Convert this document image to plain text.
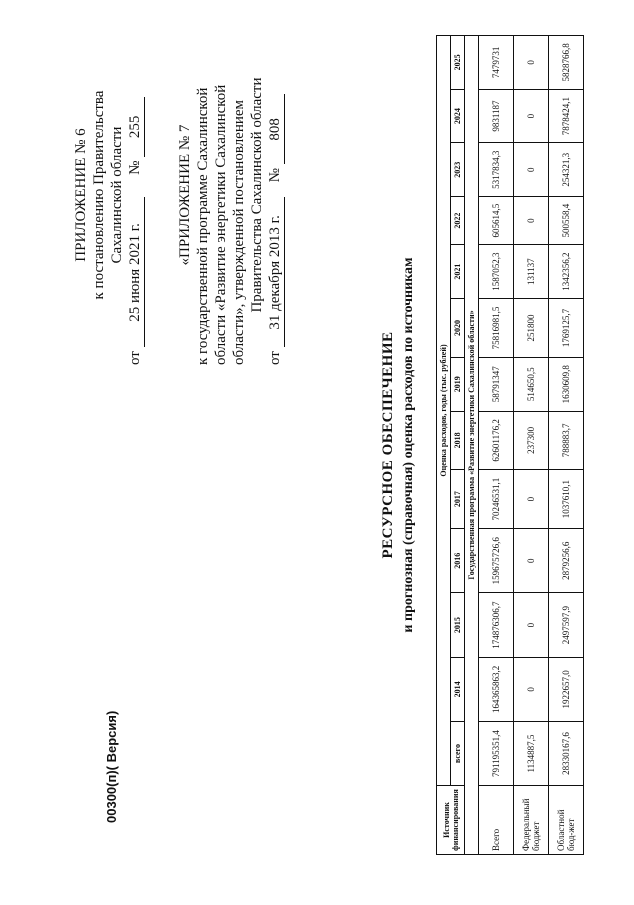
ПРИЛОЖЕНИЕ № 6 к постановлению Правительства Сахалинской области
от 25 июня 2021 г.      № 255 «ПРИЛОЖЕНИЕ № 7 к государственной программе Сахалинской области «Развитие энергетики Сахалинской области», утвержденной постановлением Правительства Сахалинской области
от 31 декабря 2013 г.    № 808
РЕСУРСНОЕ ОБЕСПЕЧЕНИЕ и прогнозная (справочная) оценка расходов по источникам
Источник финансирования	Оценка расходов, годы (тыс. рублей)												
	всего	2014	2015	2016	2017	2018	2019	2020	2021	2022	2023	2024	2025
Государственная программа «Развитие энергетики Сахалинской области»													
Всего	791195351,4	164365863,2	174876306,7	159675726,6	70246531,1	62601176,2	58791347	75816981,5	1587052,3	605614,5	5317834,3	9831187	7479731
Федеральный бюджет	1134887,5	0	0	0	0	237300	514650,5	251800	131137	0	0	0	0
Областной бюд-жет	28330167,6	1922657,0	2497597,9	2879256,6	1037610,1	788883,7	1630609,8	1769125,7	1342356,2	500558,4	254321,3	7878424,1	5828766,8
00300(п)( Версия)
